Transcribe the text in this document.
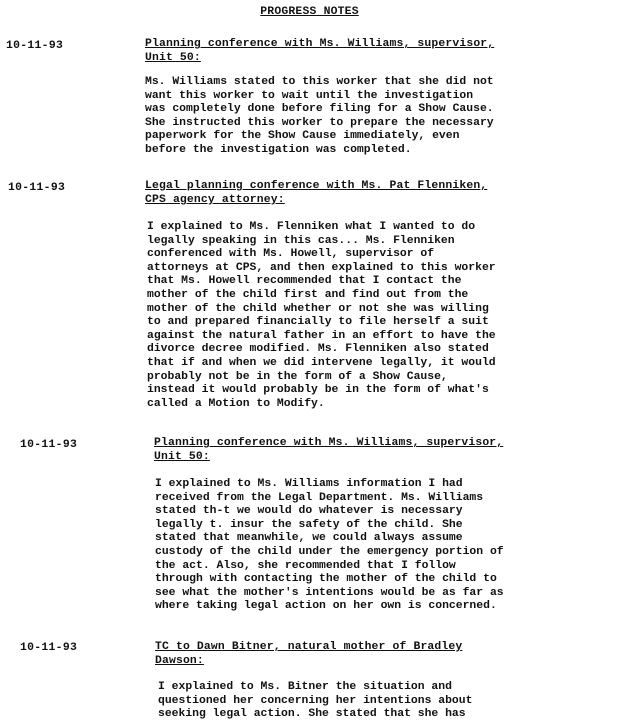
PROGRESS NOTES
10-11-93	Planning conference with Ms. Williams, supervisor,
Unit 50:
Ms. Williams stated to this worker that she did not
want this worker to wait until the investigation
was completely done before filing for a Show Cause.
She instructed this worker to prepare the necessary
paperwork for the Show Cause immediately, even
before the investigation was completed.
10-11-93	Legal planning conference with Ms. Pat Flenniken,
CPS agency attorney:
I explained to Ms. Flenniken what I wanted to do
legally speaking in this cas... Ms. Flenniken
conferenced with Ms. Howell, supervisor of
attorneys at CPS, and then explained to this worker
that Ms. Howell recommended that I contact the
mother of the child first and find out from the
mother of the child whether or not she was willing
to and prepared financially to file herself a suit
against the natural father in an effort to have the
divorce decree modified. Ms. Flenniken also stated
that if and when we did intervene legally, it would
probably not be in the form of a Show Cause,
instead it would probably be in the form of what's
called a Motion to Modify.
10-11-93	Planning conference with Ms. Williams, supervisor,
Unit 50:
I explained to Ms. Williams information I had
received from the Legal Department. Ms. Williams
stated th-t we would do whatever is necessary
legally t. insur the safety of the child. She
stated that meanwhile, we could always assume
custody of the child under the emergency portion of
the act. Also, she recommended that I follow
through with contacting the mother of the child to
see what the mother's intentions would be as far as
where taking legal action on her own is concerned.
10-11-93	TC to Dawn Bitner, natural mother of Bradley
Dawson:
I explained to Ms. Bitner the situation and
questioned her concerning her intentions about
seeking legal action. She stated that she has
